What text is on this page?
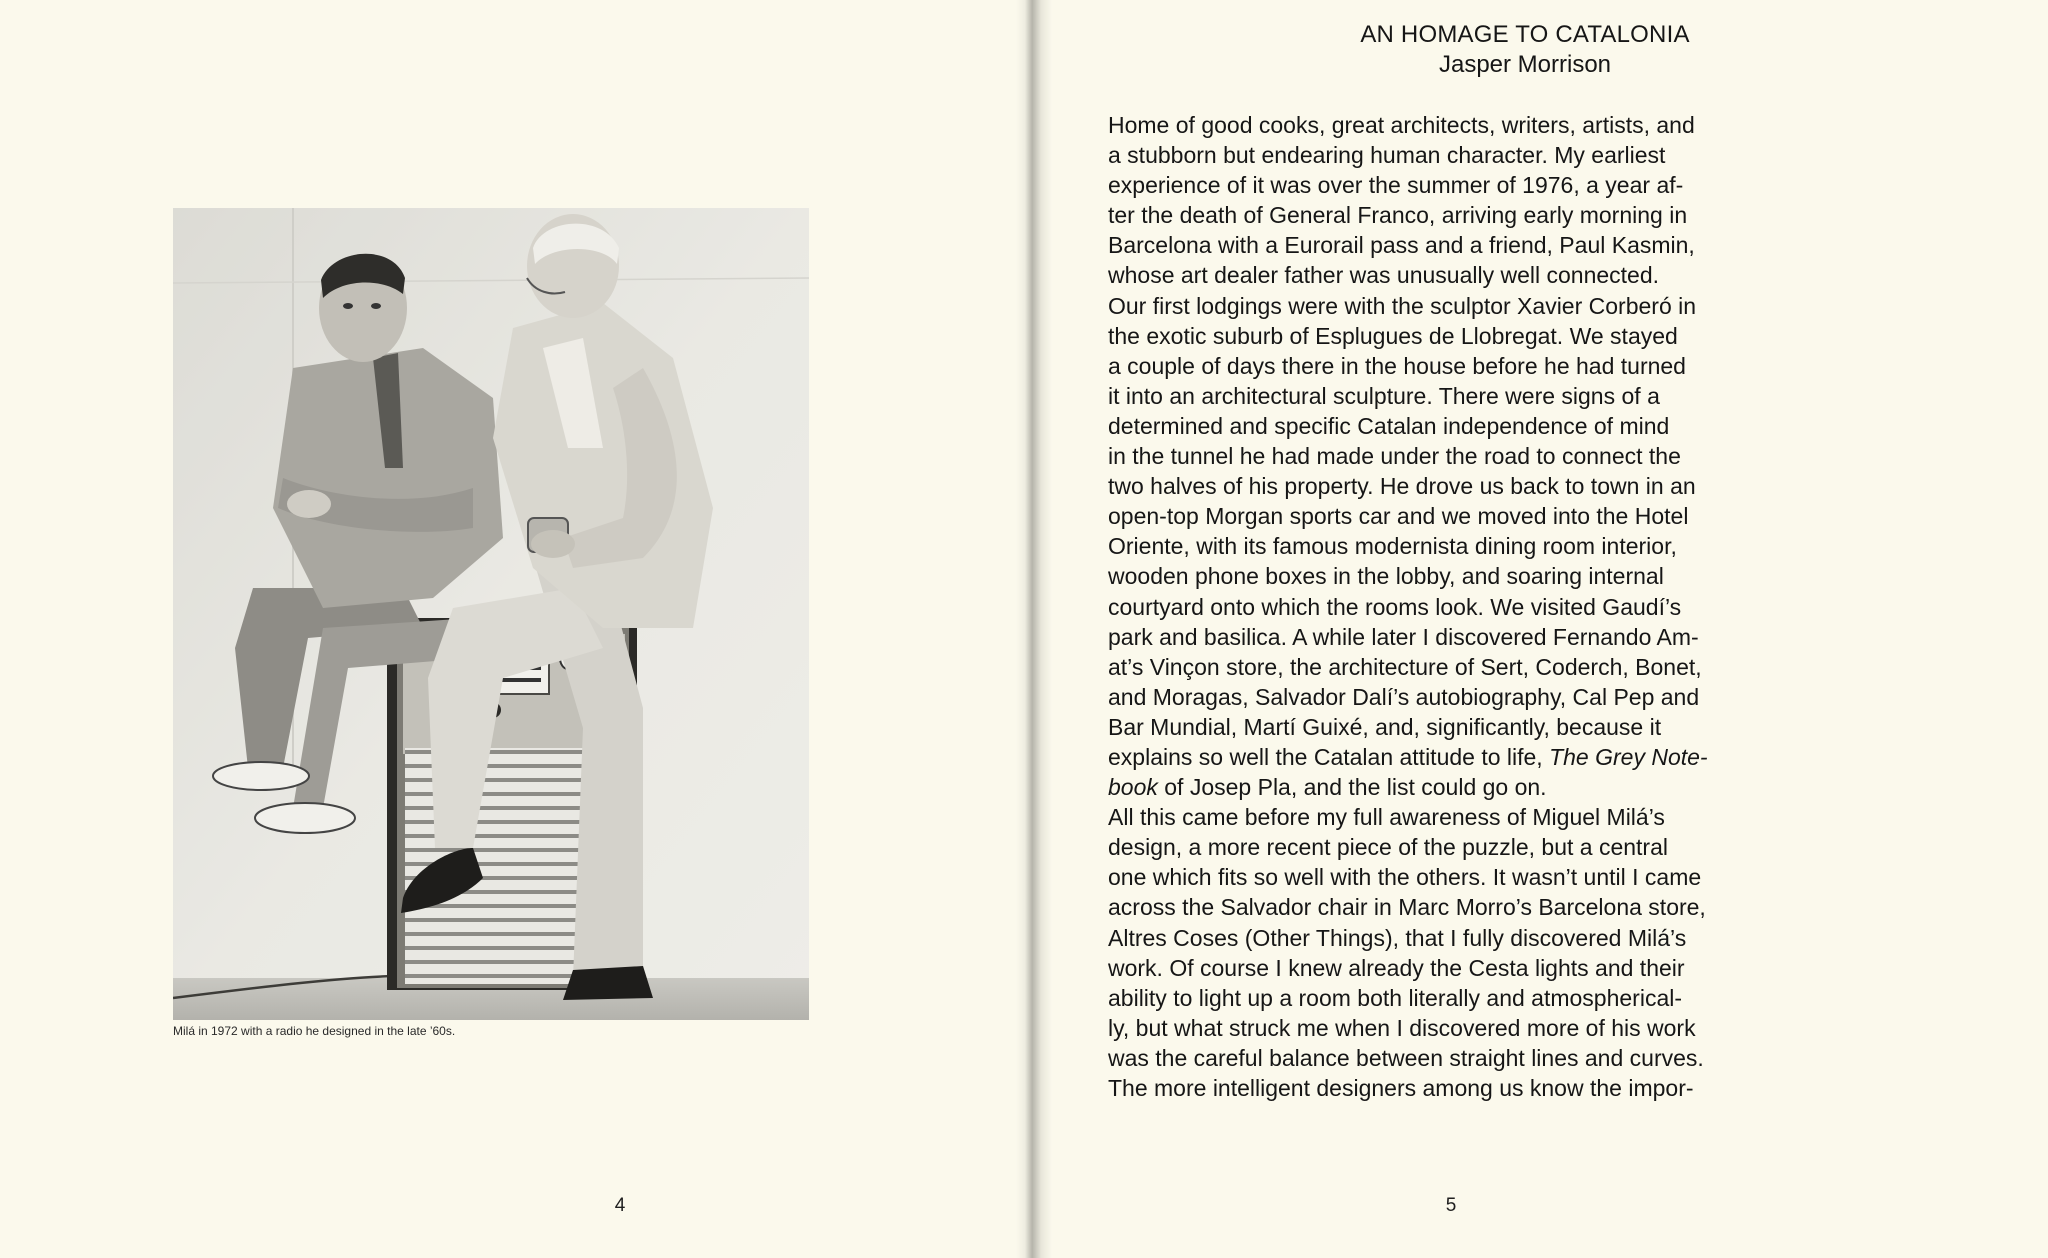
Milá in 1972 with a radio he designed in the late ’60s.
4
AN HOMAGE TO CATALONIA
Jasper Morrison
Home of good cooks, great architects, writers, artists, and
a stubborn but endearing human character. My earliest
experience of it was over the summer of 1976, a year af-
ter the death of General Franco, arriving early morning in
Barcelona with a Eurorail pass and a friend, Paul Kasmin,
whose art dealer father was unusually well connected.
Our first lodgings were with the sculptor Xavier Corberó in
the exotic suburb of Esplugues de Llobregat. We stayed
a couple of days there in the house before he had turned
it into an architectural sculpture. There were signs of a
determined and specific Catalan independence of mind
in the tunnel he had made under the road to connect the
two halves of his property. He drove us back to town in an
open-top Morgan sports car and we moved into the Hotel
Oriente, with its famous modernista dining room interior,
wooden phone boxes in the lobby, and soaring internal
courtyard onto which the rooms look. We visited Gaudí’s
park and basilica. A while later I discovered Fernando Am-
at’s Vinçon store, the architecture of Sert, Coderch, Bonet,
and Moragas, Salvador Dalí’s autobiography, Cal Pep and
Bar Mundial, Martí Guixé, and, significantly, because it
explains so well the Catalan attitude to life, The Grey Note-
book of Josep Pla, and the list could go on.
All this came before my full awareness of Miguel Milá’s
design, a more recent piece of the puzzle, but a central
one which fits so well with the others. It wasn’t until I came
across the Salvador chair in Marc Morro’s Barcelona store,
Altres Coses (Other Things), that I fully discovered Milá’s
work. Of course I knew already the Cesta lights and their
ability to light up a room both literally and atmospherical-
ly, but what struck me when I discovered more of his work
was the careful balance between straight lines and curves.
The more intelligent designers among us know the impor-
5
